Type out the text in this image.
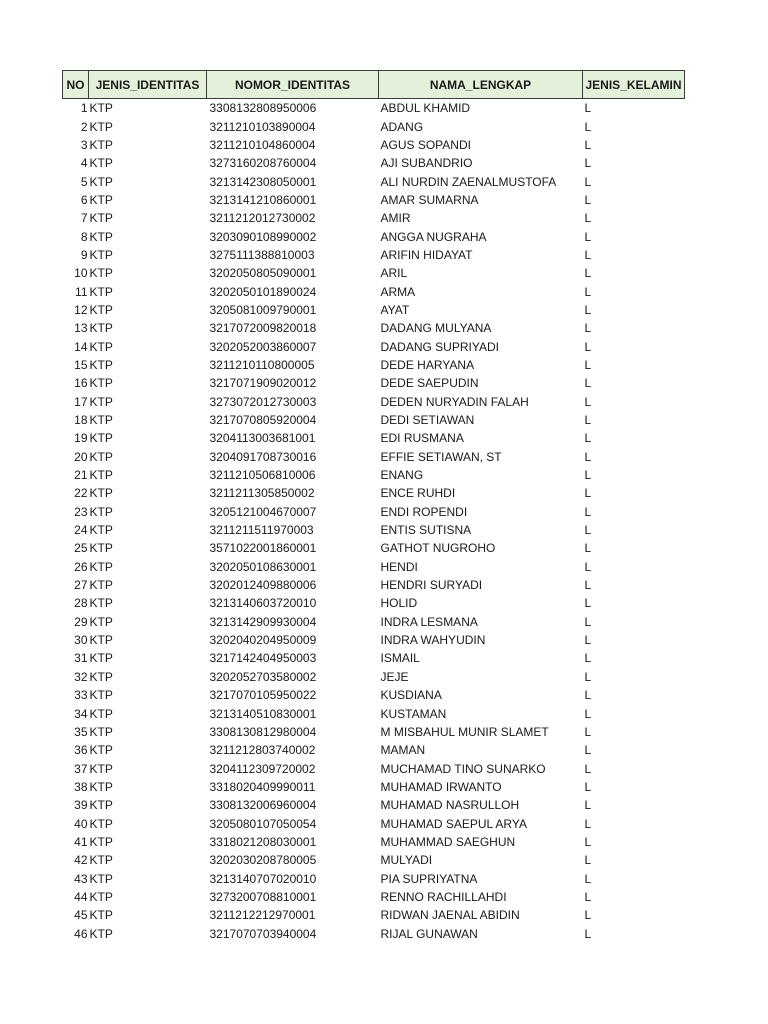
NO	JENIS_IDENTITAS	NOMOR_IDENTITAS	NAMA_LENGKAP	JENIS_KELAMIN
1	KTP	3308132808950006	ABDUL KHAMID	L
2	KTP	3211210103890004	ADANG	L
3	KTP	3211210104860004	AGUS SOPANDI	L
4	KTP	3273160208760004	AJI SUBANDRIO	L
5	KTP	3213142308050001	ALI NURDIN ZAENALMUSTOFA	L
6	KTP	3213141210860001	AMAR SUMARNA	L
7	KTP	3211212012730002	AMIR	L
8	KTP	3203090108990002	ANGGA NUGRAHA	L
9	KTP	3275111388810003	ARIFIN HIDAYAT	L
10	KTP	3202050805090001	ARIL	L
11	KTP	3202050101890024	ARMA	L
12	KTP	3205081009790001	AYAT	L
13	KTP	3217072009820018	DADANG MULYANA	L
14	KTP	3202052003860007	DADANG SUPRIYADI	L
15	KTP	3211210110800005	DEDE HARYANA	L
16	KTP	3217071909020012	DEDE SAEPUDIN	L
17	KTP	3273072012730003	DEDEN NURYADIN FALAH	L
18	KTP	3217070805920004	DEDI SETIAWAN	L
19	KTP	3204113003681001	EDI RUSMANA	L
20	KTP	3204091708730016	EFFIE SETIAWAN, ST	L
21	KTP	3211210506810006	ENANG	L
22	KTP	3211211305850002	ENCE RUHDI	L
23	KTP	3205121004670007	ENDI ROPENDI	L
24	KTP	3211211511970003	ENTIS SUTISNA	L
25	KTP	3571022001860001	GATHOT NUGROHO	L
26	KTP	3202050108630001	HENDI	L
27	KTP	3202012409880006	HENDRI SURYADI	L
28	KTP	3213140603720010	HOLID	L
29	KTP	3213142909930004	INDRA LESMANA	L
30	KTP	3202040204950009	INDRA WAHYUDIN	L
31	KTP	3217142404950003	ISMAIL	L
32	KTP	3202052703580002	JEJE	L
33	KTP	3217070105950022	KUSDIANA	L
34	KTP	3213140510830001	KUSTAMAN	L
35	KTP	3308130812980004	M MISBAHUL MUNIR SLAMET	L
36	KTP	3211212803740002	MAMAN	L
37	KTP	3204112309720002	MUCHAMAD TINO SUNARKO	L
38	KTP	3318020409990011	MUHAMAD IRWANTO	L
39	KTP	3308132006960004	MUHAMAD NASRULLOH	L
40	KTP	3205080107050054	MUHAMAD SAEPUL ARYA	L
41	KTP	3318021208030001	MUHAMMAD SAEGHUN	L
42	KTP	3202030208780005	MULYADI	L
43	KTP	3213140707020010	PIA SUPRIYATNA	L
44	KTP	3273200708810001	RENNO RACHILLAHDI	L
45	KTP	3211212212970001	RIDWAN JAENAL ABIDIN	L
46	KTP	3217070703940004	RIJAL GUNAWAN	L
